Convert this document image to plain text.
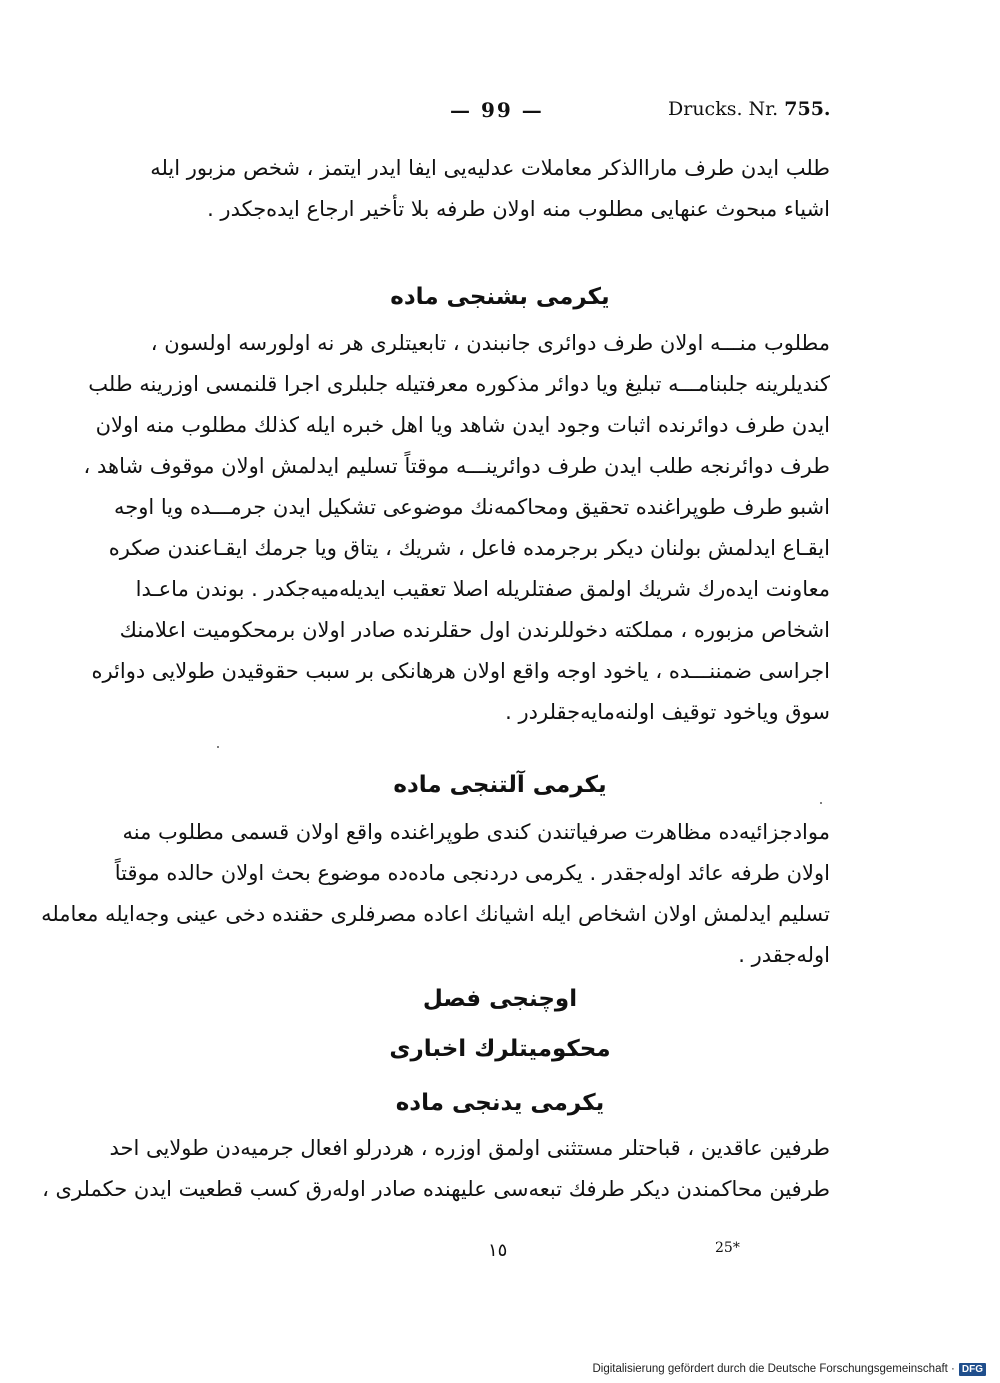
— 99 —	Drucks. Nr. 755.
طلب ایدن طرف ماراالذکر معاملات عدلیه‌یی ایفا ایدر ایتمز ، شخص مزبور ایله
اشیاء مبحوث عنهایی مطلوب منه اولان طرفه بلا تأخیر ارجاع ایده‌جکدر .
یکرمی بشنجی ماده
مطلوب منـــه اولان طرف دوائری جانبندن ، تابعیتلری هر نه اولورسه اولسون ،
کندیلرینه جلبنامـــه تبلیغ ویا دوائر مذکوره معرفتیله جلبلری اجرا قلنمسی اوزرینه طلب
ایدن طرف دوائرنده اثبات وجود ایدن شاهد ویا اهل خبره ایله کذلك مطلوب منه اولان
طرف دوائرنجه طلب ایدن طرف دوائرینـــه موقتاً تسلیم ایدلمش اولان موقوف شاهد ،
اشبو طرف طوپراغنده تحقیق ومحاکمه‌نك موضوعی تشکیل ایدن جرمـــده ویا اوجه
ایقـاع ایدلمش بولنان دیکر برجرمده فاعل ، شریك ، یتاق ویا جرمك ایقـاعندن صکره
معاونت ایده‌رك شریك اولمق صفتلریله اصلا تعقیب ایدیله‌میه‌جکدر . بوندن ماعـدا
اشخاص مزبوره ، مملکته دخوللرندن اول حقلرنده صادر اولان برمحکومیت اعلامنك
اجراسی ضمننـــده ، یاخود اوجه واقع اولان هرهانکی بر سبب حقوقیدن طولایی دوائره
سوق ویاخود توقیف اولنه‌مایه‌جقلردر .
یکرمی آلتنجی ماده
موادجزائیه‌ده مظاهرت صرفیاتندن کندی طوپراغنده واقع اولان قسمی مطلوب منه
اولان طرفه عائد اوله‌جقدر . یکرمی دردنجی ماده‌ده موضوع بحث اولان حالده موقتاً
تسلیم ایدلمش اولان اشخاص ایله اشیانك اعاده مصرفلری حقنده دخی عینی وجه‌ایله معامله
اوله‌جقدر .
اوچنجی فصل
محکومیتلرك اخباری
یکرمی یدنجی ماده
طرفین عاقدین ، قباحتلر مستثنی اولمق اوزره ، هردرلو افعال جرمیه‌دن طولایی احد
طرفین محاکمندن دیکر طرفك تبعه‌سی علیهنده صادر اوله‌رق کسب قطعیت ایدن حکملری ،
١٥	25*
Digitalisierung gefördert durch die Deutsche Forschungsgemeinschaft · DFG
